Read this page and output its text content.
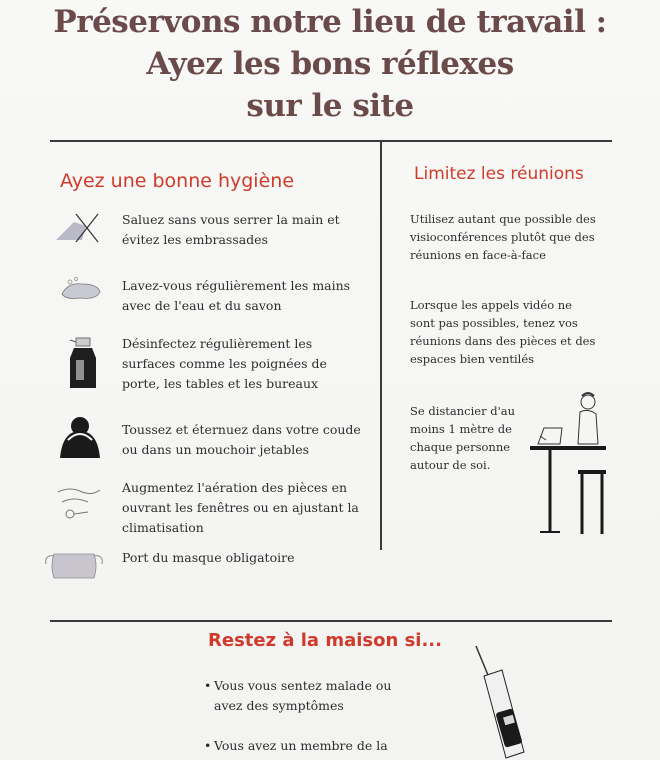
Préservons notre lieu de travail :
Ayez les bons réflexes
sur le site
Ayez une bonne hygiène
Saluez sans vous serrer la main et évitez les embrassades
Lavez-vous régulièrement les mains avec de l'eau et du savon
Désinfectez régulièrement les surfaces comme les poignées de porte, les tables et les bureaux
Toussez et éternuez dans votre coude ou dans un mouchoir jetables
Augmentez l'aération des pièces en ouvrant les fenêtres ou en ajustant la climatisation
Port du masque obligatoire
Limitez les réunions
Utilisez autant que possible des visioconférences plutôt que des réunions en face-à-face
Lorsque les appels vidéo ne sont pas possibles, tenez vos réunions dans des pièces et des espaces bien ventilés
Se distancier d'au moins 1 mètre de chaque personne autour de soi.
Restez à la maison si...
• Vous vous sentez malade ou avez des symptômes
• Vous avez un membre de la
